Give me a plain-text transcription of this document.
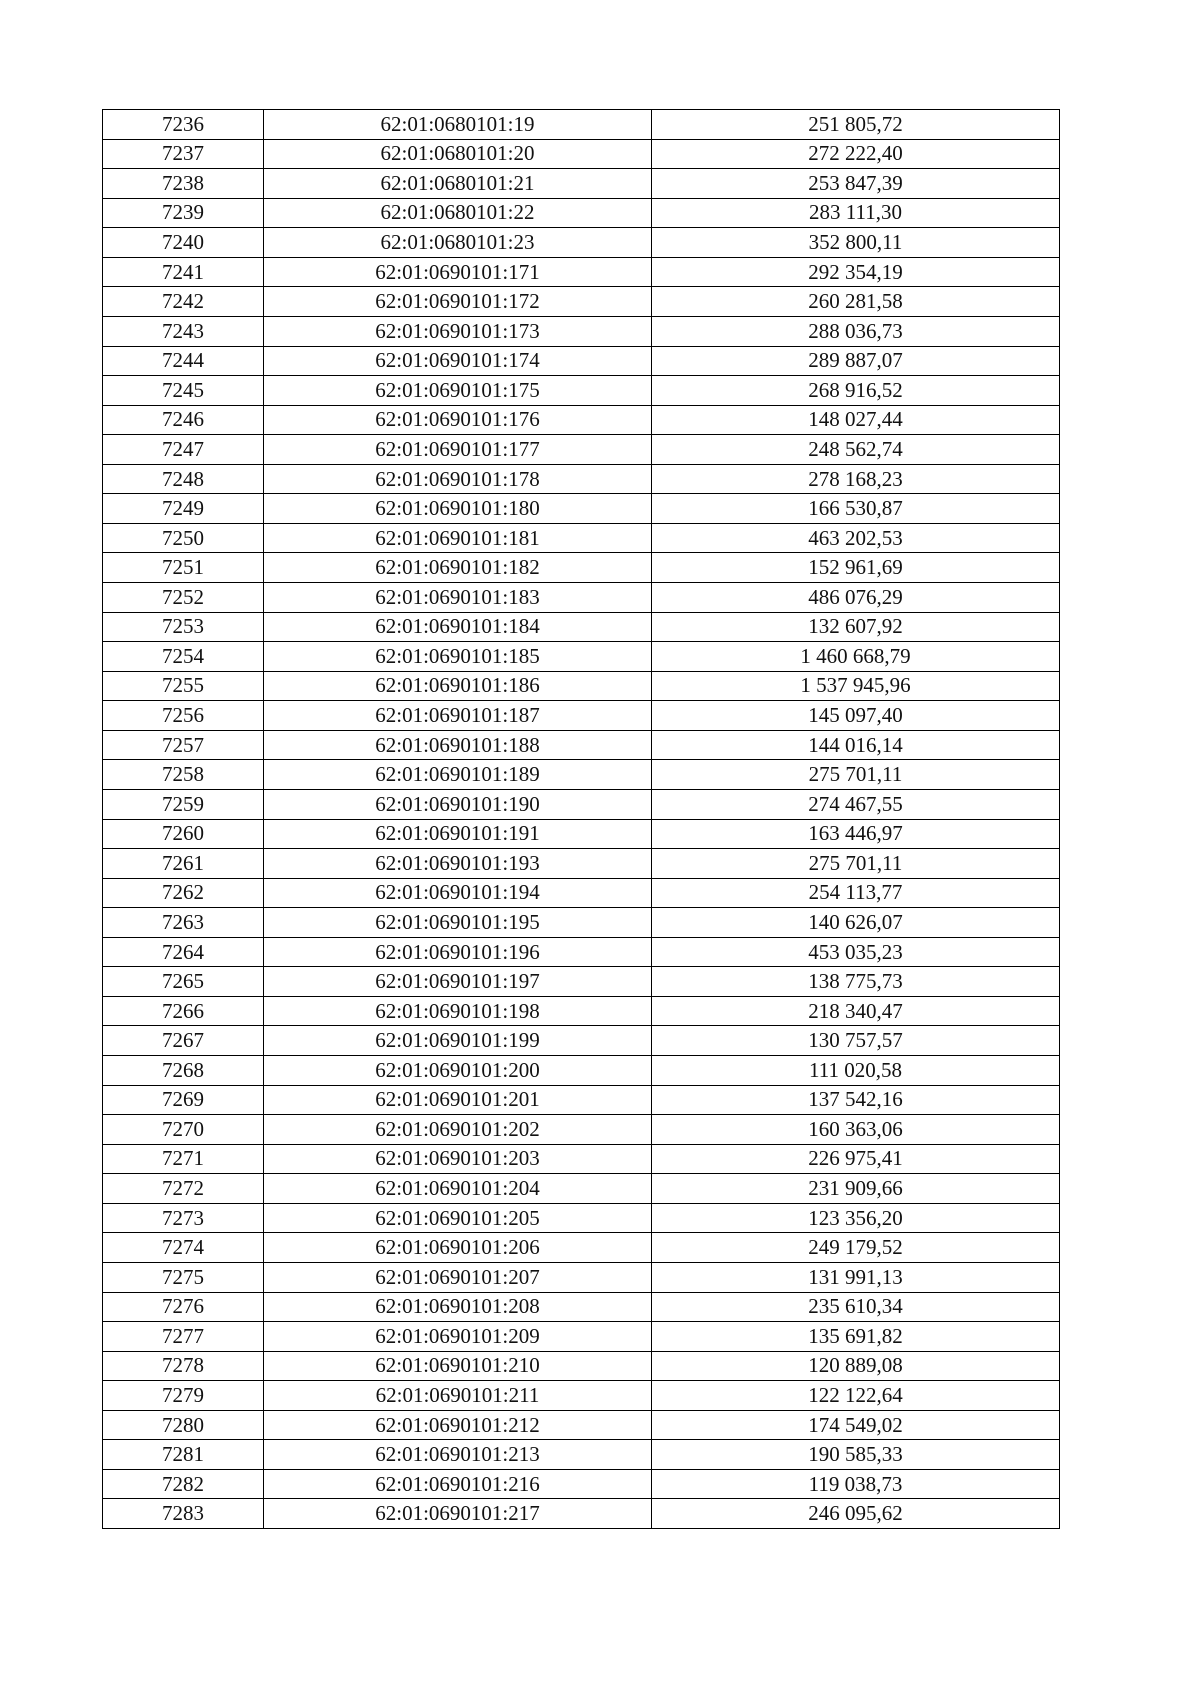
7236	62:01:0680101:19	251 805,72
7237	62:01:0680101:20	272 222,40
7238	62:01:0680101:21	253 847,39
7239	62:01:0680101:22	283 111,30
7240	62:01:0680101:23	352 800,11
7241	62:01:0690101:171	292 354,19
7242	62:01:0690101:172	260 281,58
7243	62:01:0690101:173	288 036,73
7244	62:01:0690101:174	289 887,07
7245	62:01:0690101:175	268 916,52
7246	62:01:0690101:176	148 027,44
7247	62:01:0690101:177	248 562,74
7248	62:01:0690101:178	278 168,23
7249	62:01:0690101:180	166 530,87
7250	62:01:0690101:181	463 202,53
7251	62:01:0690101:182	152 961,69
7252	62:01:0690101:183	486 076,29
7253	62:01:0690101:184	132 607,92
7254	62:01:0690101:185	1 460 668,79
7255	62:01:0690101:186	1 537 945,96
7256	62:01:0690101:187	145 097,40
7257	62:01:0690101:188	144 016,14
7258	62:01:0690101:189	275 701,11
7259	62:01:0690101:190	274 467,55
7260	62:01:0690101:191	163 446,97
7261	62:01:0690101:193	275 701,11
7262	62:01:0690101:194	254 113,77
7263	62:01:0690101:195	140 626,07
7264	62:01:0690101:196	453 035,23
7265	62:01:0690101:197	138 775,73
7266	62:01:0690101:198	218 340,47
7267	62:01:0690101:199	130 757,57
7268	62:01:0690101:200	111 020,58
7269	62:01:0690101:201	137 542,16
7270	62:01:0690101:202	160 363,06
7271	62:01:0690101:203	226 975,41
7272	62:01:0690101:204	231 909,66
7273	62:01:0690101:205	123 356,20
7274	62:01:0690101:206	249 179,52
7275	62:01:0690101:207	131 991,13
7276	62:01:0690101:208	235 610,34
7277	62:01:0690101:209	135 691,82
7278	62:01:0690101:210	120 889,08
7279	62:01:0690101:211	122 122,64
7280	62:01:0690101:212	174 549,02
7281	62:01:0690101:213	190 585,33
7282	62:01:0690101:216	119 038,73
7283	62:01:0690101:217	246 095,62
